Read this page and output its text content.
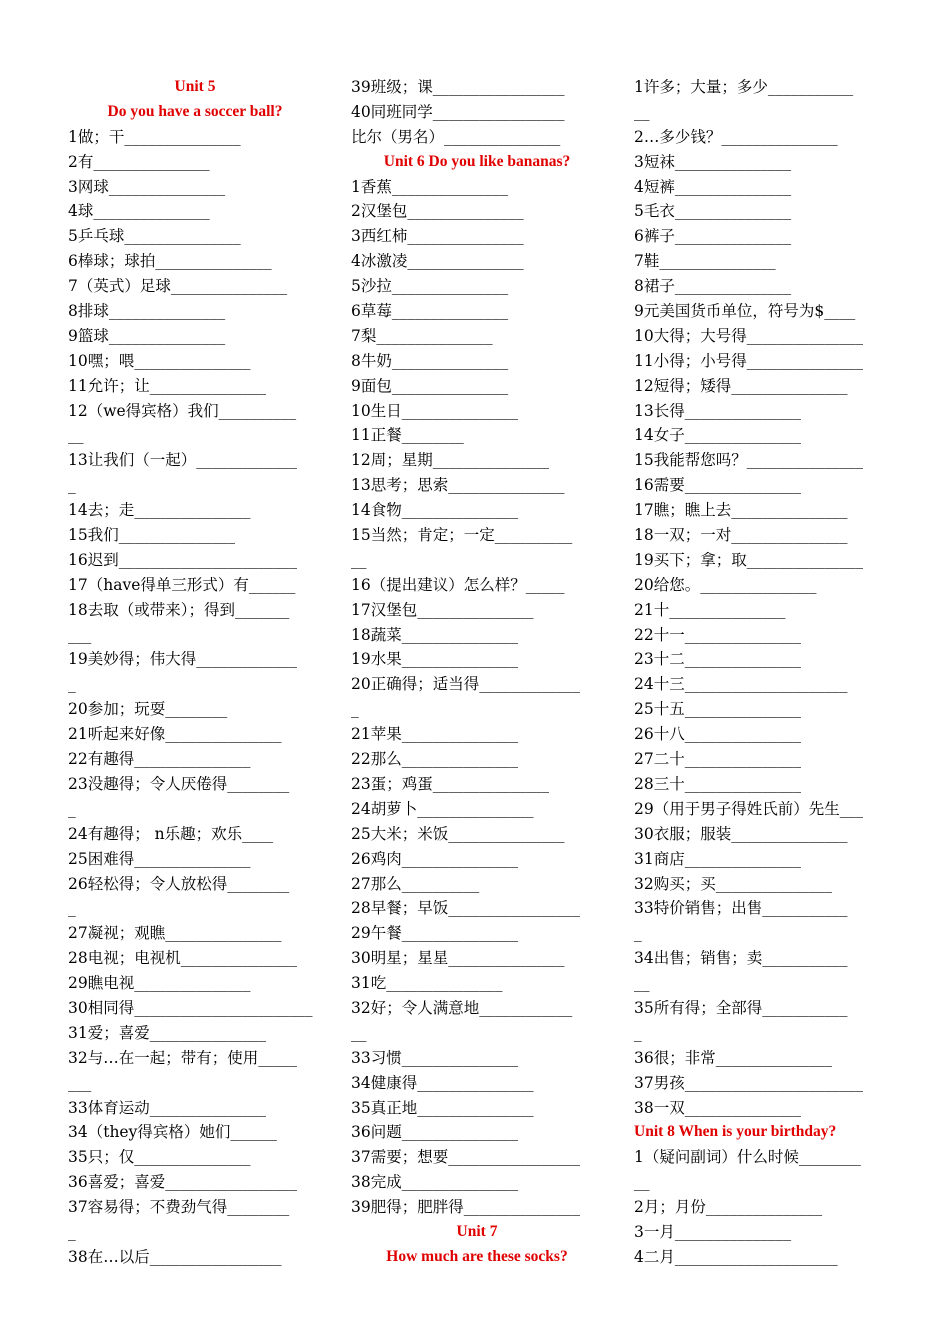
Unit 5
Do you have a soccer ball?
1做；干_______________
2有_______________
3网球_______________
4球_______________
5乒乓球_______________
6棒球；球拍_______________
7（英式）足球_______________
8排球_______________
9篮球_______________
10嘿；喂_______________
11允许；让_______________
12（we得宾格）我们__________
__
13让我们（一起）_____________
_
14去；走_______________
15我们_______________
16迟到_______________________
17（have得单三形式）有______
18去取（或带来）；得到_______
___
19美妙得；伟大得_____________
_
20参加；玩耍________
21听起来好像_______________
22有趣得_______________
23没趣得；令人厌倦得________
_
24有趣得； n乐趣；欢乐____
25困难得_______________
26轻松得；令人放松得________
_
27凝视；观瞧_______________
28电视；电视机_______________
29瞧电视_______________
30相同得_______________________
31爱；喜爱_______________
32与…在一起；带有；使用_____
___
33体育运动_______________
34（they得宾格）她们______
35只；仅_______________
36喜爱；喜爱_________________
37容易得；不费劲气得________
_
38在…以后_________________
39班级；课_________________
40同班同学_________________
比尔（男名）_______________
Unit 6 Do you like bananas?
1香蕉_______________
2汉堡包_______________
3西红柿_______________
4冰激凌_______________
5沙拉_______________
6草莓_______________
7梨_______________
8牛奶_______________
9面包_______________
10生日_______________
11正餐________
12周；星期_______________
13思考；思索_______________
14食物_______________
15当然；肯定；一定__________
__
16（提出建议）怎么样？_____
17汉堡包_______________
18蔬菜_______________
19水果_______________
20正确得；适当得_____________
_
21苹果_______________
22那么_______________
23蛋；鸡蛋_______________
24胡萝卜_______________
25大米；米饭_______________
26鸡肉_______________
27那么__________
28早餐；早饭_________________
29午餐_______________
30明星；星星_______________
31吃_______________
32好；令人满意地____________
__
33习惯_______________
34健康得_______________
35真正地_______________
36问题_______________
37需要；想要_________________
38完成_______________
39肥得；肥胖得_______________
Unit 7
How much are these socks?
1许多；大量；多少___________
__
2…多少钱？_______________
3短袜_______________
4短裤_______________
5毛衣_______________
6裤子_______________
7鞋_______________
8裙子_______________
9元美国货币单位，符号为$____
10大得；大号得_______________
11小得；小号得_______________
12短得；矮得_______________
13长得_______________
14女子_______________
15我能帮您吗？_______________
16需要_______________
17瞧；瞧上去_______________
18一双；一对_______________
19买下；拿；取_______________
20给您。_______________
21十_______________
22十一_______________
23十二_______________
24十三_____________________
25十五_______________
26十八_______________
27二十_______________
28三十_______________
29（用于男子得姓氏前）先生___
30衣服；服装_______________
31商店_______________
32购买；买_______________
33特价销售；出售___________
_
34出售；销售；卖___________
__
35所有得；全部得___________
_
36很；非常_______________
37男孩_______________________
38一双_______________
Unit 8 When is your birthday?
1（疑问副词）什么时候________
__
2月；月份_______________
3一月_______________
4二月_____________________
